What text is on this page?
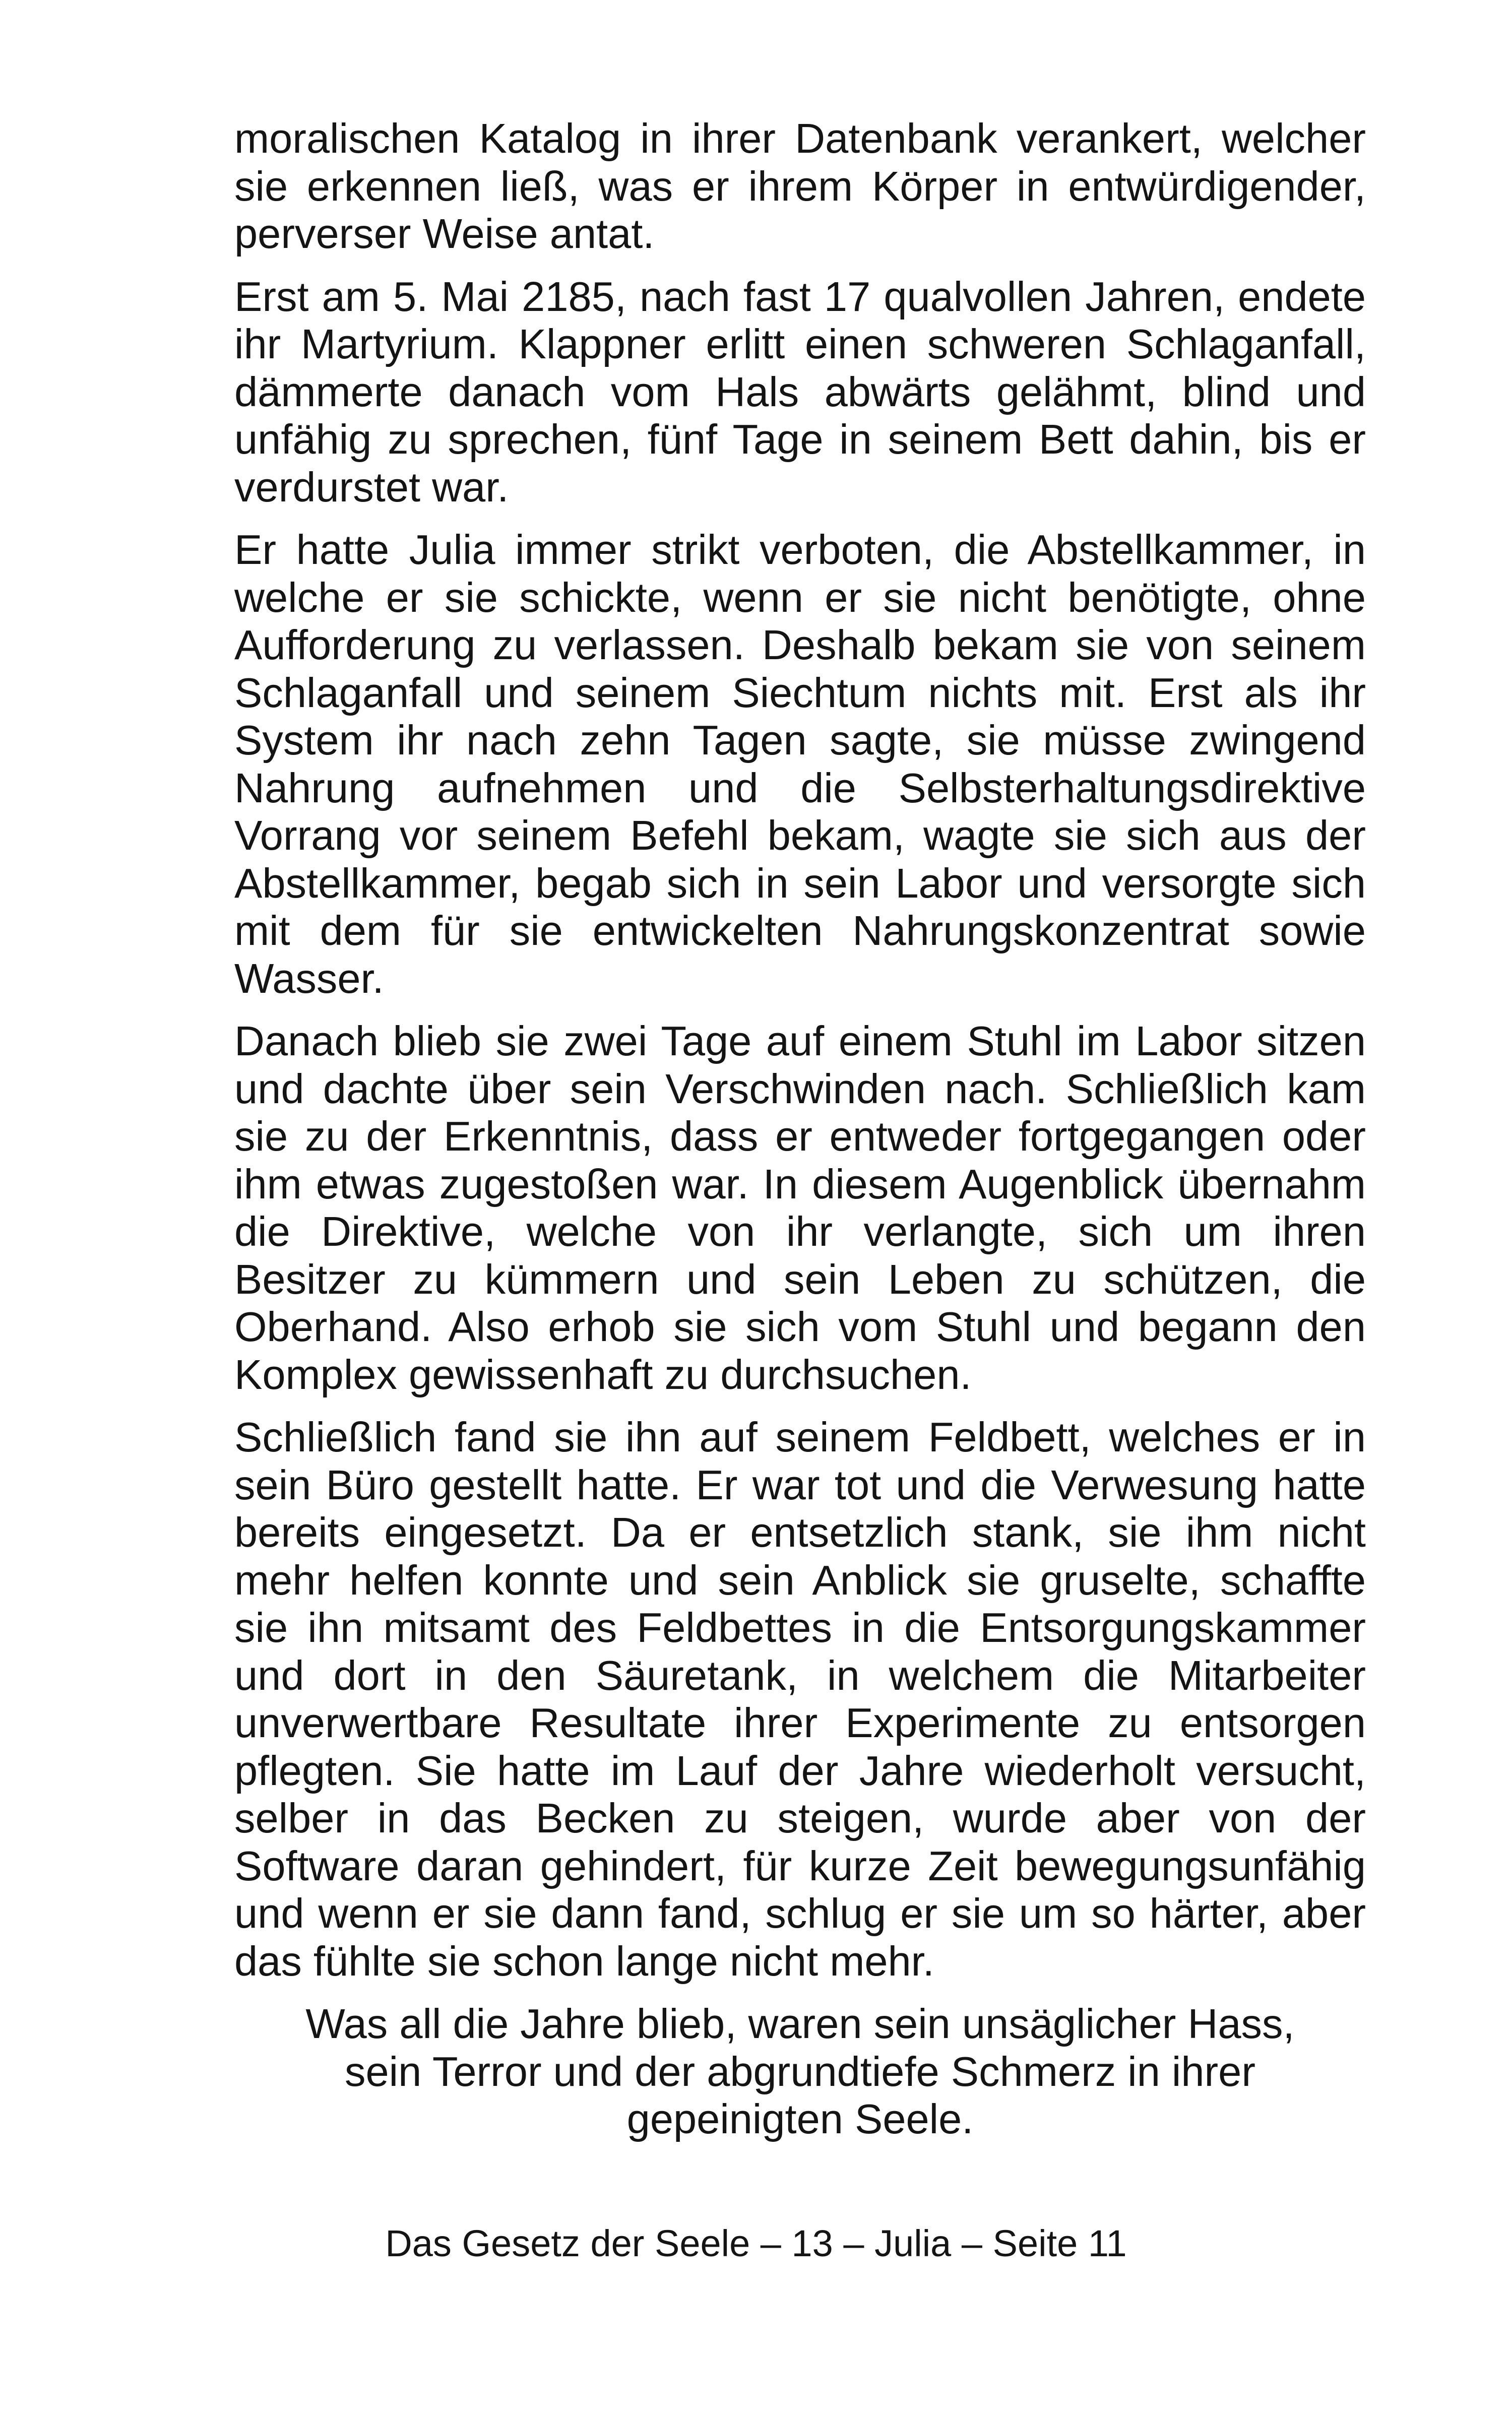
moralischen Katalog in ihrer Datenbank verankert, welcher sie erkennen ließ, was er ihrem Körper in entwürdigender, perverser Weise antat.

Erst am 5. Mai 2185, nach fast 17 qualvollen Jahren, endete ihr Martyrium. Klappner erlitt einen schweren Schlaganfall, dämmerte danach vom Hals abwärts gelähmt, blind und unfähig zu sprechen, fünf Tage in seinem Bett dahin, bis er verdurstet war.

Er hatte Julia immer strikt verboten, die Abstellkammer, in welche er sie schickte, wenn er sie nicht benötigte, ohne Aufforderung zu verlassen. Deshalb bekam sie von seinem Schlaganfall und seinem Siechtum nichts mit. Erst als ihr System ihr nach zehn Tagen sagte, sie müsse zwingend Nahrung aufnehmen und die Selbsterhaltungsdirektive Vorrang vor seinem Befehl bekam, wagte sie sich aus der Abstellkammer, begab sich in sein Labor und versorgte sich mit dem für sie entwickelten Nahrungskonzentrat sowie Wasser.

Danach blieb sie zwei Tage auf einem Stuhl im Labor sitzen und dachte über sein Verschwinden nach. Schließlich kam sie zu der Erkenntnis, dass er entweder fortgegangen oder ihm etwas zugestoßen war. In diesem Augenblick übernahm die Direktive, welche von ihr verlangte, sich um ihren Besitzer zu kümmern und sein Leben zu schützen, die Oberhand. Also erhob sie sich vom Stuhl und begann den Komplex gewissenhaft zu durchsuchen.

Schließlich fand sie ihn auf seinem Feldbett, welches er in sein Büro gestellt hatte. Er war tot und die Verwesung hatte bereits eingesetzt. Da er entsetzlich stank, sie ihm nicht mehr helfen konnte und sein Anblick sie gruselte, schaffte sie ihn mitsamt des Feldbettes in die Entsorgungskammer und dort in den Säuretank, in welchem die Mitarbeiter unverwertbare Resultate ihrer Experimente zu entsorgen pflegten. Sie hatte im Lauf der Jahre wiederholt versucht, selber in das Becken zu steigen, wurde aber von der Software daran gehindert, für kurze Zeit bewegungsunfähig und wenn er sie dann fand, schlug er sie um so härter, aber das fühlte sie schon lange nicht mehr.

Was all die Jahre blieb, waren sein unsäglicher Hass, sein Terror und der abgrundtiefe Schmerz in ihrer gepeinigten Seele.

Das Gesetz der Seele – 13 – Julia – Seite 11
